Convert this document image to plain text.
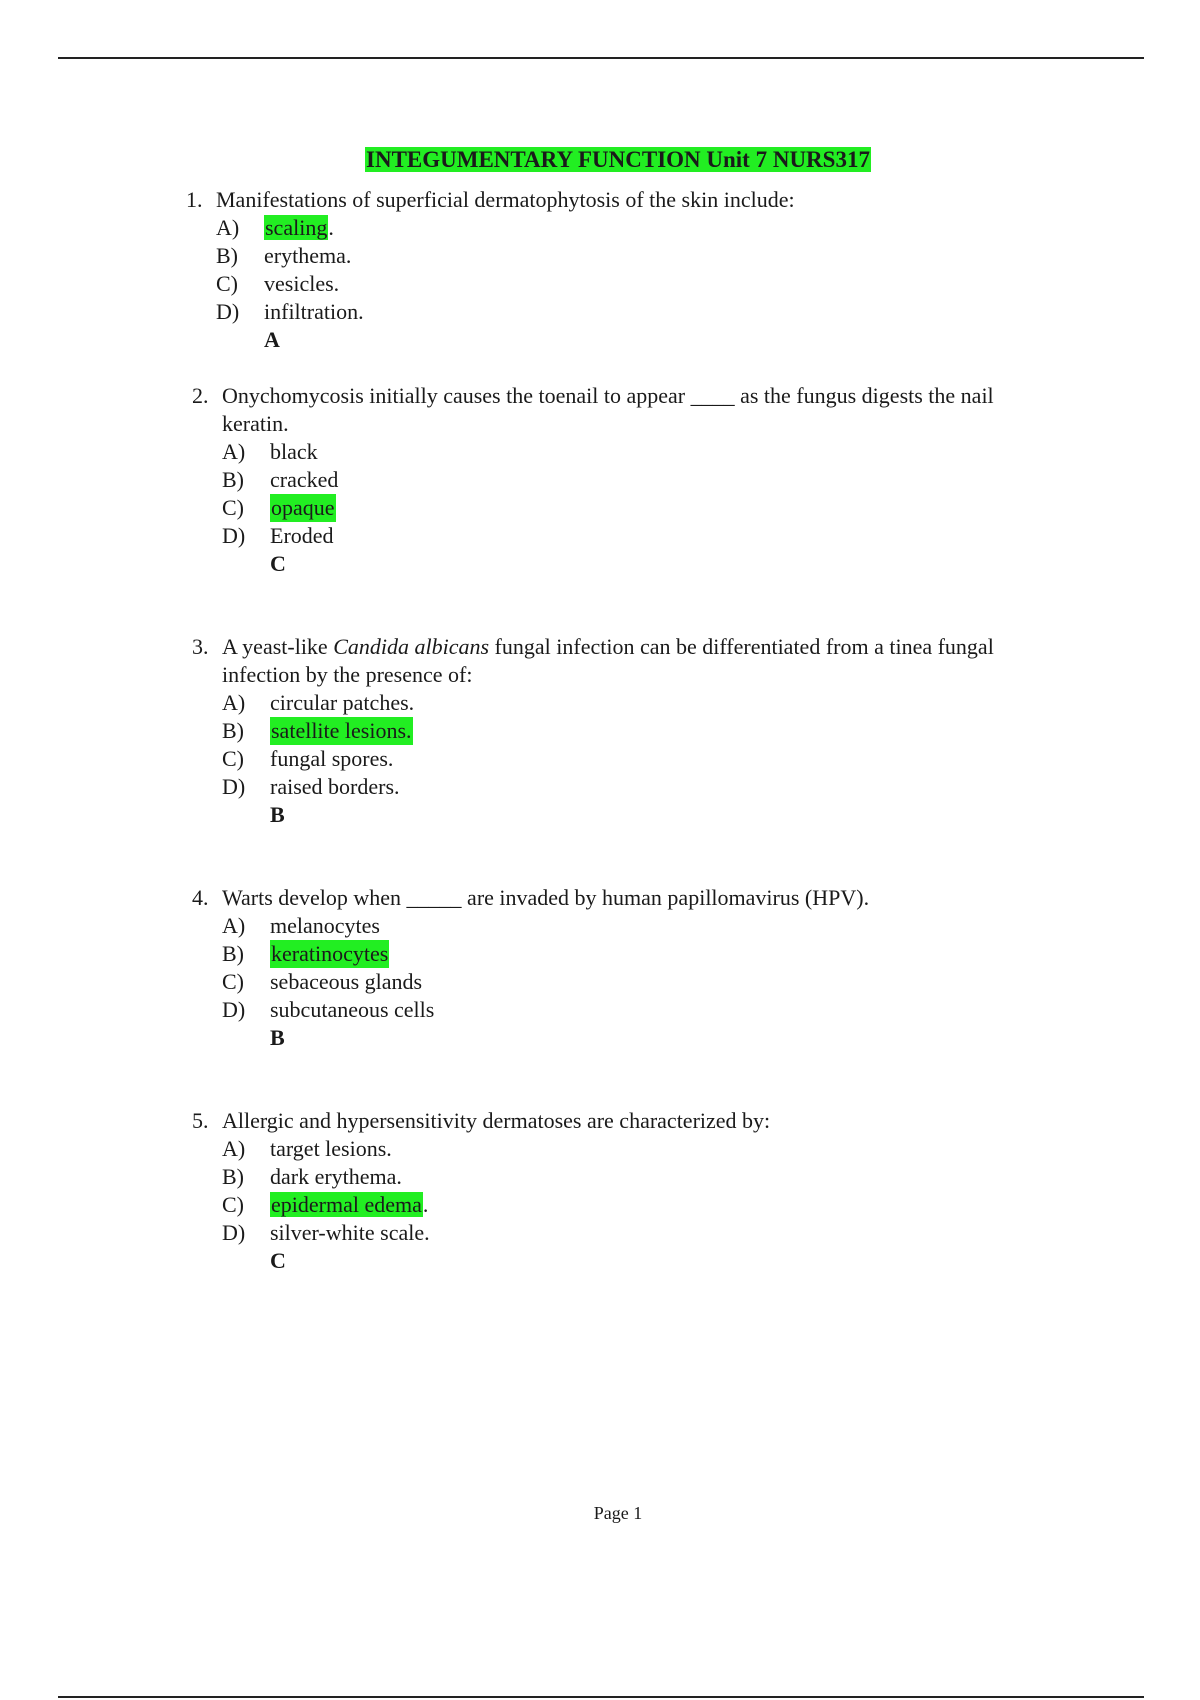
INTEGUMENTARY FUNCTION Unit 7 NURS317
1. Manifestations of superficial dermatophytosis of the skin include:
A)	scaling.
B)	erythema.
C)	vesicles.
D)	infiltration.
A
2. Onychomycosis initially causes the toenail to appear ____ as the fungus digests the nail
keratin.
A)	black
B)	cracked
C)	opaque
D)	Eroded
C
3. A yeast-like Candida albicans fungal infection can be differentiated from a tinea fungal
infection by the presence of:
A)	circular patches.
B)	satellite lesions.
C)	fungal spores.
D)	raised borders.
B
4. Warts develop when _____ are invaded by human papillomavirus (HPV).
A)	melanocytes
B)	keratinocytes
C)	sebaceous glands
D)	subcutaneous cells
B
5. Allergic and hypersensitivity dermatoses are characterized by:
A)	target lesions.
B)	dark erythema.
C)	epidermal edema.
D)	silver-white scale.
C
Page 1
